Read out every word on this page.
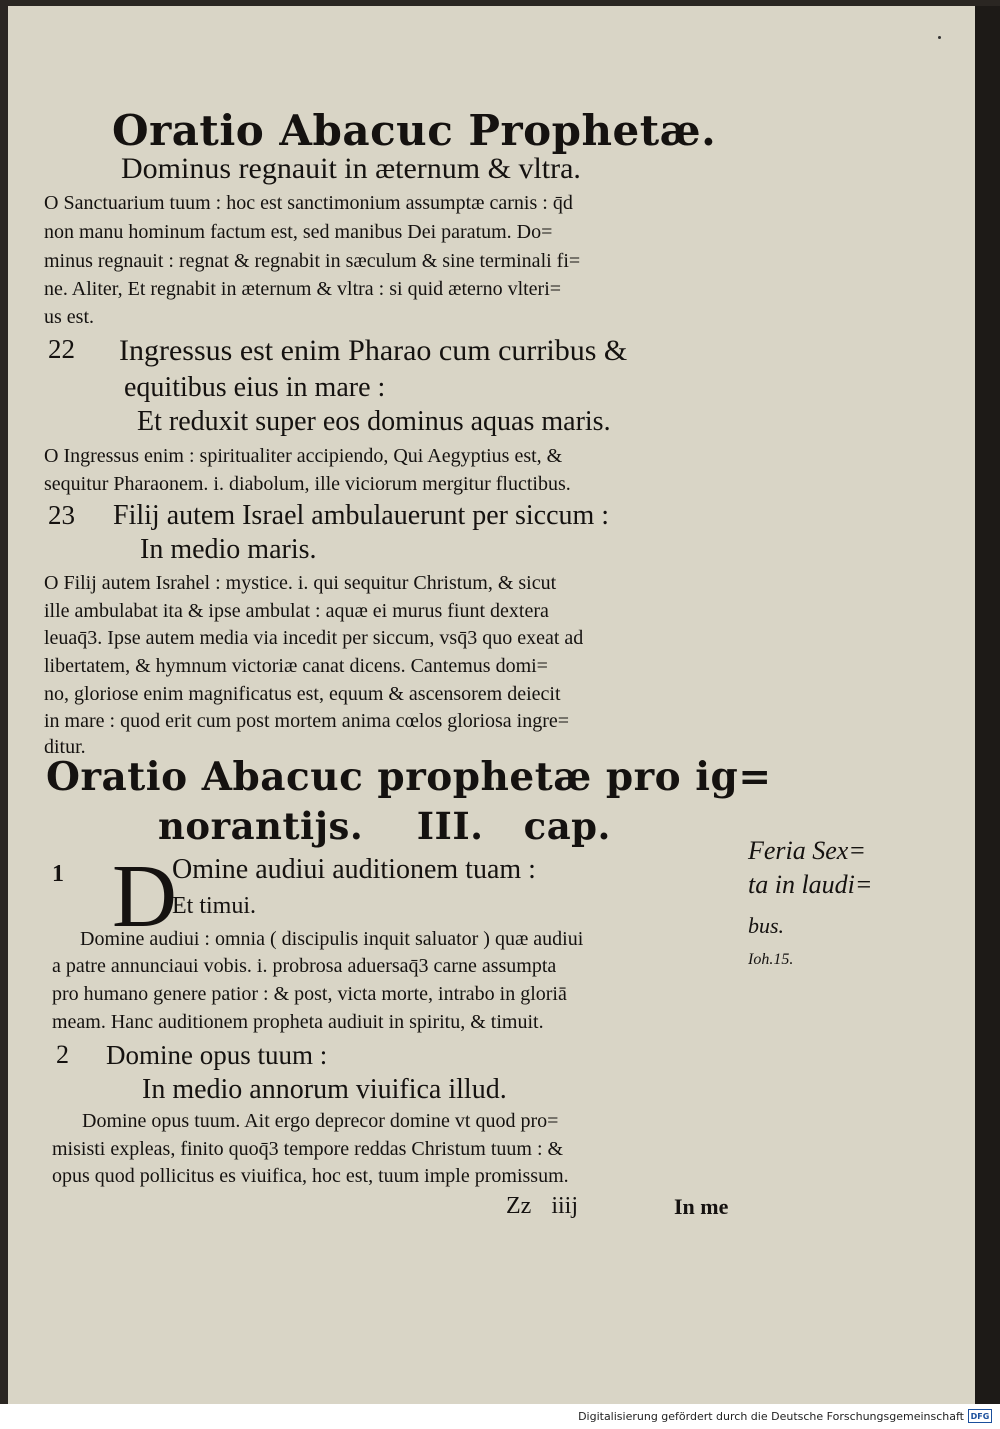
Oratio Abacuc Prophetæ.
Dominus regnauit in æternum & vltra.
O Sanctuarium tuum : hoc est sanctimonium assumptæ carnis : q̄d
non manu hominum factum est, sed manibus Dei paratum. Do=
minus regnauit : regnat & regnabit in sæculum & sine terminali fi=
ne. Aliter, Et regnabit in æternum & vltra : si quid æterno vlteri=
us est.
22 Ingressus est enim Pharao cum curribus &
equitibus eius in mare :
Et reduxit super eos dominus aquas maris.
O Ingressus enim : spiritualiter accipiendo, Qui Aegyptius est, &
sequitur Pharaonem. i. diabolum, ille viciorum mergitur fluctibus.
23 Filij autem Israel ambulauerunt per siccum :
In medio maris.
O Filij autem Israhel : mystice. i. qui sequitur Christum, & sicut
ille ambulabat ita & ipse ambulat : aquæ ei murus fiunt dextera
leuaq̄3. Ipse autem media via incedit per siccum, vsq̄3 quo exeat ad
libertatem, & hymnum victoriæ canat dicens. Cantemus domi=
no, gloriose enim magnificatus est, equum & ascensorem deiecit
in mare : quod erit cum post mortem anima cœlos gloriosa ingre=
ditur.
Oratio Abacuc prophetæ pro ig=
norantijs.    III.   cap.
1 D
Omine audiui auditionem tuam :
Et timui.
Domine audiui : omnia ( discipulis inquit saluator ) quæ audiui
a patre annunciaui vobis. i. probrosa aduersaq̄3 carne assumpta
pro humano genere patior : & post, victa morte, intrabo in gloriā
meam. Hanc auditionem propheta audiuit in spiritu, & timuit.
2 Domine opus tuum :
In medio annorum viuifica illud.
Domine opus tuum. Ait ergo deprecor domine vt quod pro=
misisti expleas, finito quoq̄3 tempore reddas Christum tuum : &
opus quod pollicitus es viuifica, hoc est, tuum imple promissum.
Zz iiij	In me
Feria Sex=
ta in laudi=
bus.
Ioh.15.
Digitalisierung gefördert durch die Deutsche Forschungsgemeinschaft DFG
